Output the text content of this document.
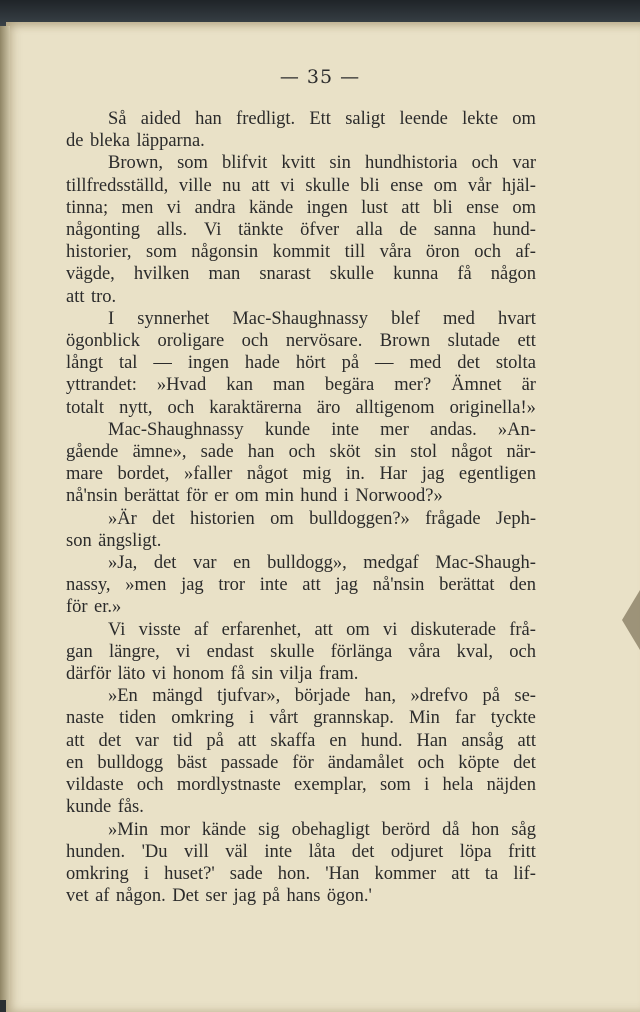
— 35 —
Så aided han fredligt. Ett saligt leende lekte om
de bleka läpparna.
Brown, som blifvit kvitt sin hundhistoria och var
tillfredsställd, ville nu att vi skulle bli ense om vår hjäl-
tinna; men vi andra kände ingen lust att bli ense om
någonting alls. Vi tänkte öfver alla de sanna hund-
historier, som någonsin kommit till våra öron och af-
vägde, hvilken man snarast skulle kunna få någon
att tro.
I synnerhet Mac-Shaughnassy blef med hvart
ögonblick oroligare och nervösare. Brown slutade ett
långt tal — ingen hade hört på — med det stolta
yttrandet: »Hvad kan man begära mer? Ämnet är
totalt nytt, och karaktärerna äro alltigenom originella!»
Mac-Shaughnassy kunde inte mer andas. »An-
gående ämne», sade han och sköt sin stol något när-
mare bordet, »faller något mig in. Har jag egentligen
nå'nsin berättat för er om min hund i Norwood?»
»Är det historien om bulldoggen?» frågade Jeph-
son ängsligt.
»Ja, det var en bulldogg», medgaf Mac-Shaugh-
nassy, »men jag tror inte att jag nå'nsin berättat den
för er.»
Vi visste af erfarenhet, att om vi diskuterade frå-
gan längre, vi endast skulle förlänga våra kval, och
därför läto vi honom få sin vilja fram.
»En mängd tjufvar», började han, »drefvo på se-
naste tiden omkring i vårt grannskap. Min far tyckte
att det var tid på att skaffa en hund. Han ansåg att
en bulldogg bäst passade för ändamålet och köpte det
vildaste och mordlystnaste exemplar, som i hela näjden
kunde fås.
»Min mor kände sig obehagligt berörd då hon såg
hunden. 'Du vill väl inte låta det odjuret löpa fritt
omkring i huset?' sade hon. 'Han kommer att ta lif-
vet af någon. Det ser jag på hans ögon.'
